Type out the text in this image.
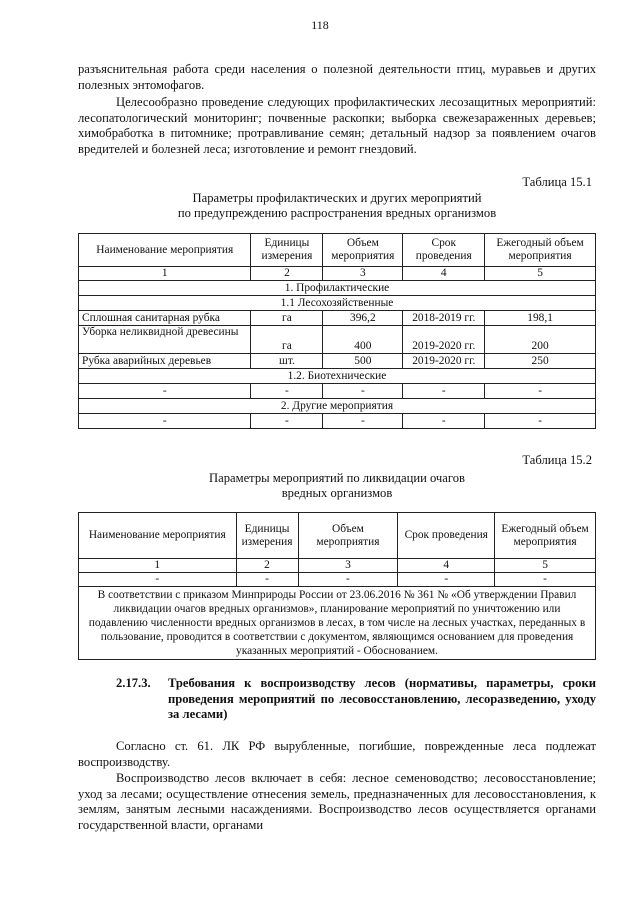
118
разъяснительная работа среди населения о полезной деятельности птиц, муравьев и других полезных энтомофагов.
Целесообразно проведение следующих профилактических лесозащитных мероприятий: лесопатологический мониторинг; почвенные раскопки; выборка свежезараженных деревьев; химобработка в питомнике; протравливание семян; детальный надзор за появлением очагов вредителей и болезней леса; изготовление и ремонт гнездовий.
Таблица 15.1
Параметры профилактических и других мероприятий
по предупреждению распространения вредных организмов
Наименование мероприятия	Единицы измерения	Объем мероприятия	Срок проведения	Ежегодный объем мероприятия
1	2	3	4	5
1. Профилактические				
1.1 Лесохозяйственные				
Сплошная санитарная рубка	га	396,2	2018-2019 гг.	198,1
Уборка неликвидной древесины	га	400	2019-2020 гг.	200
Рубка аварийных деревьев	шт.	500	2019-2020 гг.	250
1.2. Биотехнические				
-	-	-	-	-
2. Другие мероприятия				
-	-	-	-	-
Таблица 15.2
Параметры мероприятий по ликвидации очагов
вредных организмов
Наименование мероприятия	Единицы измерения	Объем мероприятия	Срок проведения	Ежегодный объем мероприятия
1	2	3	4	5
-	-	-	-	-
В соответствии с приказом Минприроды России от 23.06.2016 № 361 № «Об утверждении Правил ликвидации очагов вредных организмов», планирование мероприятий по уничтожению или подавлению численности вредных организмов в лесах, в том числе на лесных участках, переданных в пользование, проводится в соответствии с документом, являющимся основанием для проведения указанных мероприятий - Обоснованием.				
2.17.3. Требования к воспроизводству лесов (нормативы, параметры, сроки проведения мероприятий по лесовосстановлению, лесоразведению, уходу за лесами)
Согласно ст. 61. ЛК РФ вырубленные, погибшие, поврежденные леса подлежат воспроизводству.
Воспроизводство лесов включает в себя: лесное семеноводство; лесовосстановление; уход за лесами; осуществление отнесения земель, предназначенных для лесовосстановления, к землям, занятым лесными насаждениями. Воспроизводство лесов осуществляется органами государственной власти, органами
